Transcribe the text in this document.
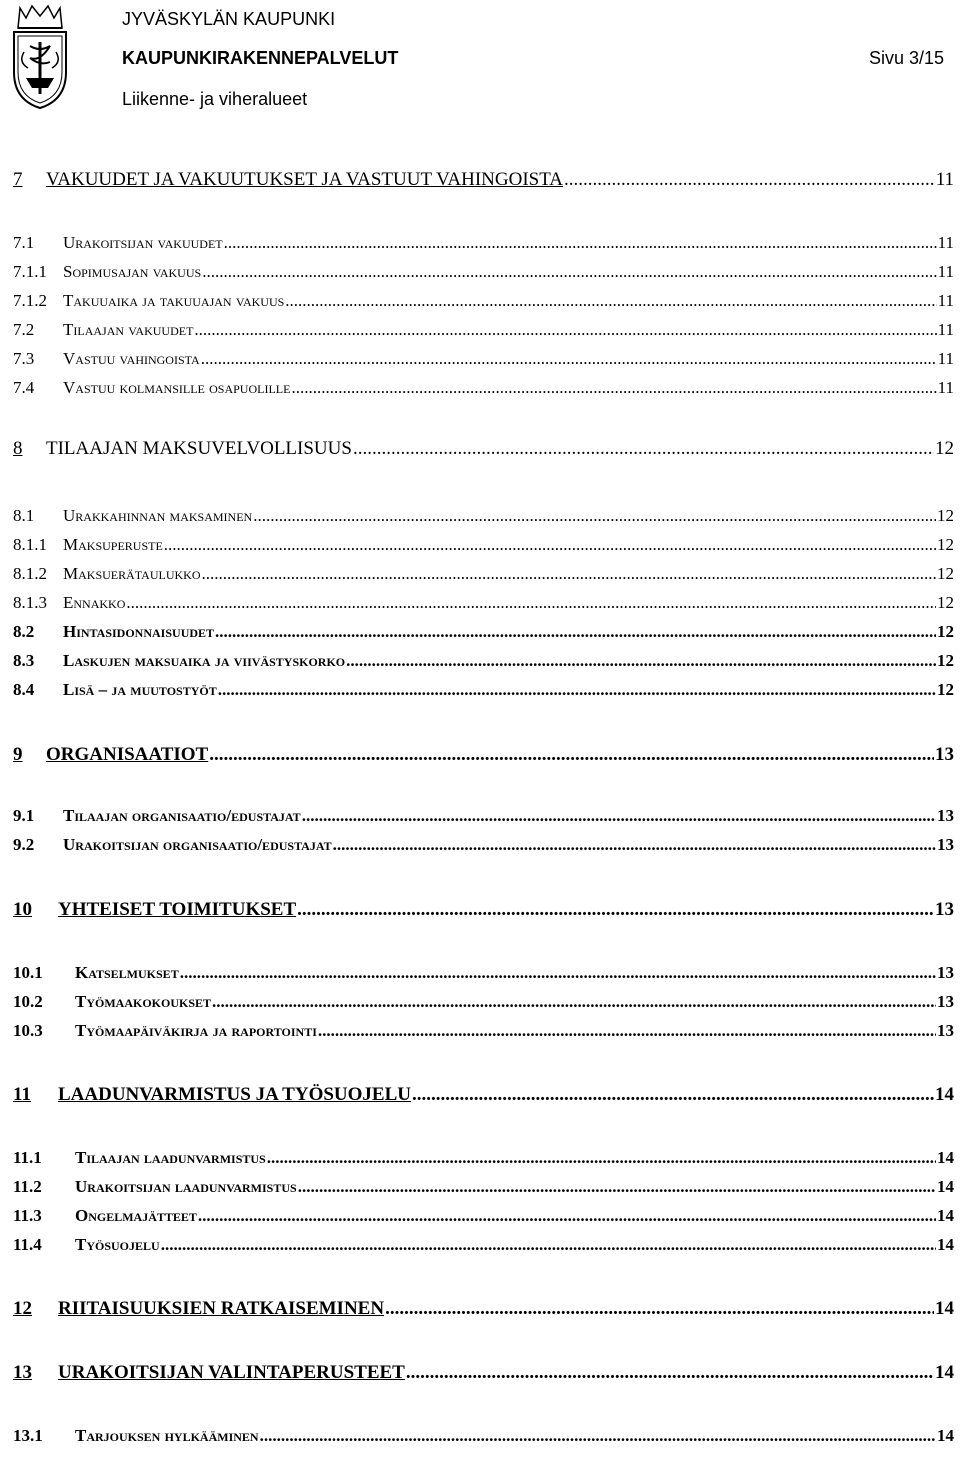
JYVÄSKYLÄN KAUPUNKI
KAUPUNKIRAKENNEPALVELUT
Liikenne- ja viheralueet
Sivu 3/15
7	VAKUUDET JA VAKUUTUKSET JA VASTUUT VAHINGOISTA .....	11
7.1	Urakoitsijan vakuudet .....	11
7.1.1 Sopimusajan vakuus .....	11
7.1.2 Takuuaika ja takuuajan vakuus .....	11
7.2	Tilaajan vakuudet .....	11
7.3	Vastuu vahingoista .....	11
7.4	Vastuu kolmansille osapuolille .....	11
8	TILAAJAN MAKSUVELVOLLISUUS .....	12
8.1	Urakkahinnan maksaminen .....	12
8.1.1 Maksuperuste .....	12
8.1.2 Maksuerätaulukko .....	12
8.1.3 Ennakko .....	12
8.2	Hintasidonnaisuudet .....	12
8.3	Laskujen maksuaika ja viivästyskorko .....	12
8.4	Lisä – ja muutostyöt .....	12
9	ORGANISAATIOT .....	13
9.1	Tilaajan organisaatio/edustajat .....	13
9.2	Urakoitsijan organisaatio/edustajat .....	13
10	YHTEISET TOIMITUKSET .....	13
10.1	Katselmukset .....	13
10.2	Työmaakokoukset .....	13
10.3	Työmaapäiväkirja ja raportointi .....	13
11	LAADUNVARMISTUS JA TYÖSUOJELU .....	14
11.1	Tilaajan laadunvarmistus .....	14
11.2	Urakoitsijan laadunvarmistus .....	14
11.3	Ongelmajätteet .....	14
11.4	Työsuojelu .....	14
12	RIITAISUUKSIEN RATKAISEMINEN .....	14
13	URAKOITSIJAN VALINTAPERUSTEET .....	14
13.1	Tarjouksen hylkääminen .....	14
